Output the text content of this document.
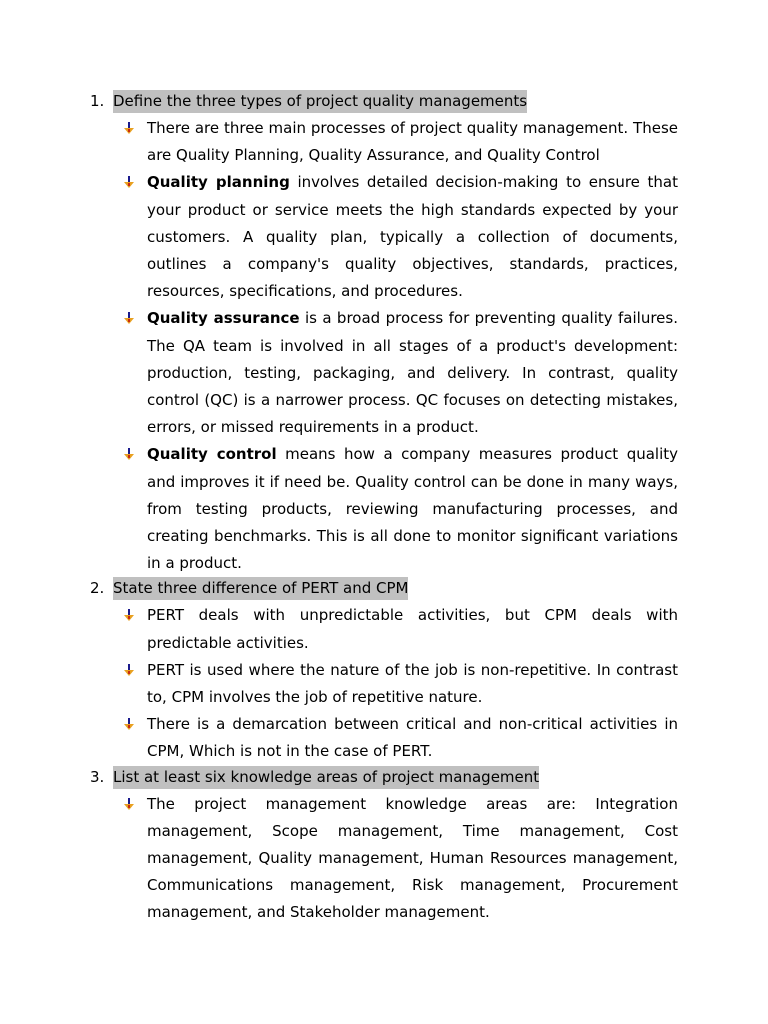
1. Define the three types of project quality managements
There are three main processes of project quality management. These are Quality Planning, Quality Assurance, and Quality Control
Quality planning involves detailed decision-making to ensure that your product or service meets the high standards expected by your customers. A quality plan, typically a collection of documents, outlines a company's quality objectives, standards, practices, resources, specifications, and procedures.
Quality assurance is a broad process for preventing quality failures. The QA team is involved in all stages of a product's development: production, testing, packaging, and delivery. In contrast, quality control (QC) is a narrower process. QC focuses on detecting mistakes, errors, or missed requirements in a product.
Quality control means how a company measures product quality and improves it if need be. Quality control can be done in many ways, from testing products, reviewing manufacturing processes, and creating benchmarks. This is all done to monitor significant variations in a product.
2. State three difference of PERT and CPM
PERT deals with unpredictable activities, but CPM deals with predictable activities.
PERT is used where the nature of the job is non-repetitive. In contrast to, CPM involves the job of repetitive nature.
There is a demarcation between critical and non-critical activities in CPM, Which is not in the case of PERT.
3. List at least six knowledge areas of project management
The project management knowledge areas are: Integration management, Scope management, Time management, Cost management, Quality management, Human Resources management, Communications management, Risk management, Procurement management, and Stakeholder management.
